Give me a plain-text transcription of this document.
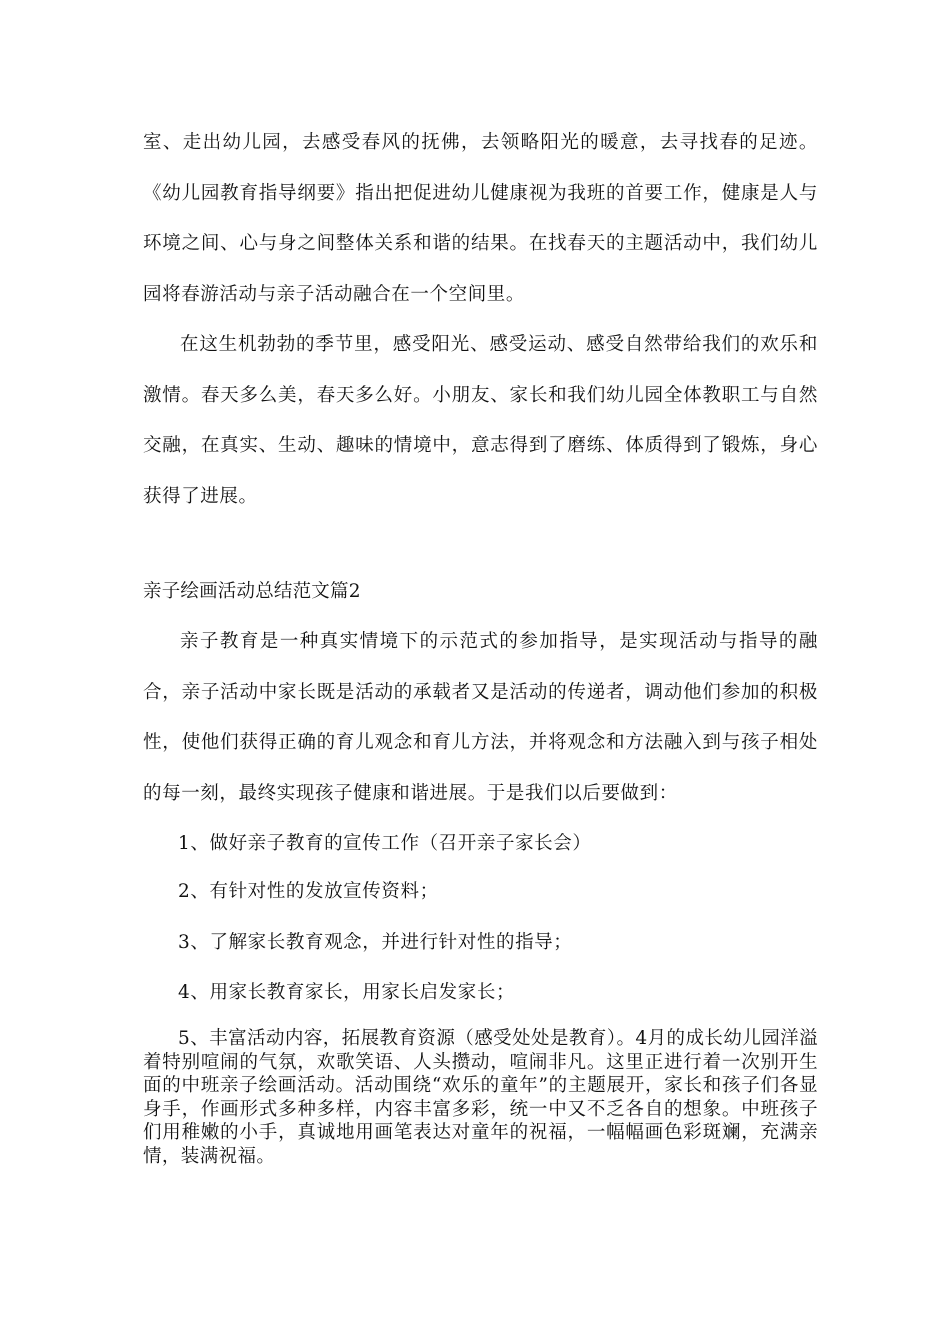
室、走出幼儿园，去感受春风的抚佛，去领略阳光的暖意，去寻找春的足迹。《幼儿园教育指导纲要》指出把促进幼儿健康视为我班的首要工作，健康是人与环境之间、心与身之间整体关系和谐的结果。在找春天的主题活动中，我们幼儿园将春游活动与亲子活动融合在一个空间里。

在这生机勃勃的季节里，感受阳光、感受运动、感受自然带给我们的欢乐和激情。春天多么美，春天多么好。小朋友、家长和我们幼儿园全体教职工与自然交融，在真实、生动、趣味的情境中，意志得到了磨练、体质得到了锻炼，身心获得了进展。

亲子绘画活动总结范文篇2

亲子教育是一种真实情境下的示范式的参加指导，是实现活动与指导的融合，亲子活动中家长既是活动的承载者又是活动的传递者，调动他们参加的积极性，使他们获得正确的育儿观念和育儿方法，并将观念和方法融入到与孩子相处的每一刻，最终实现孩子健康和谐进展。于是我们以后要做到：

1、做好亲子教育的宣传工作（召开亲子家长会）

2、有针对性的发放宣传资料；

3、了解家长教育观念，并进行针对性的指导；

4、用家长教育家长，用家长启发家长；

5、丰富活动内容，拓展教育资源（感受处处是教育）。4月的成长幼儿园洋溢着特别喧闹的气氛，欢歌笑语、人头攒动，喧闹非凡。这里正进行着一次别开生面的中班亲子绘画活动。活动围绕“欢乐的童年”的主题展开，家长和孩子们各显身手，作画形式多种多样，内容丰富多彩，统一中又不乏各自的想象。中班孩子们用稚嫩的小手，真诚地用画笔表达对童年的祝福，一幅幅画色彩斑斓，充满亲情，装满祝福。
